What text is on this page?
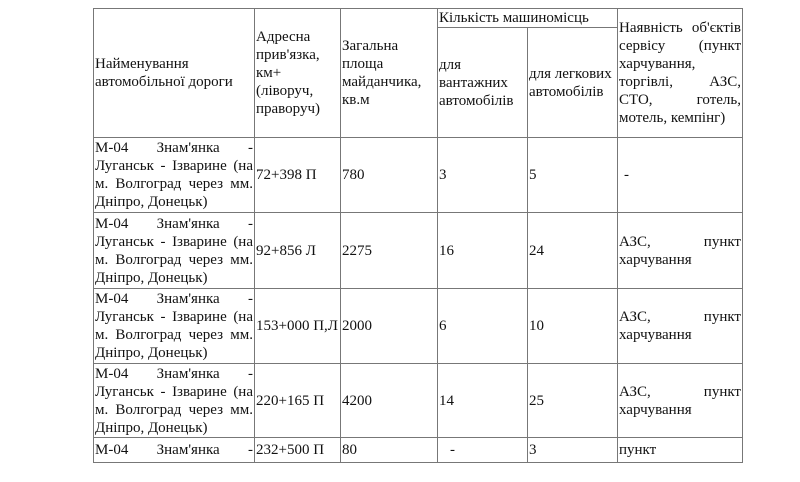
Найменування автомобільної дороги	Адресна прив'язка, км+ (ліворуч, праворуч)	Загальна площа майданчика, кв.м	Кількість машиномісць		Наявність об'єктів сервісу (пункт харчування, торгівлі, АЗС, СТО, готель, мотель, кемпінг)
			для вантажних автомобілів	для легкових автомобілів	
М-04 Знам'янка - Луганськ - Ізварине (на м. Волгоград через мм. Дніпро, Донецьк)	72+398 П	780	3	5	-
М-04 Знам'янка - Луганськ - Ізварине (на м. Волгоград через мм. Дніпро, Донецьк)	92+856 Л	2275	16	24	АЗС, пункт харчування
М-04 Знам'янка - Луганськ - Ізварине (на м. Волгоград через мм. Дніпро, Донецьк)	153+000 П,Л	2000	6	10	АЗС, пункт харчування
М-04 Знам'янка - Луганськ - Ізварине (на м. Волгоград через мм. Дніпро, Донецьк)	220+165 П	4200	14	25	АЗС, пункт харчування
М-04 Знам'янка -	232+500 П	80	-	3	пункт
